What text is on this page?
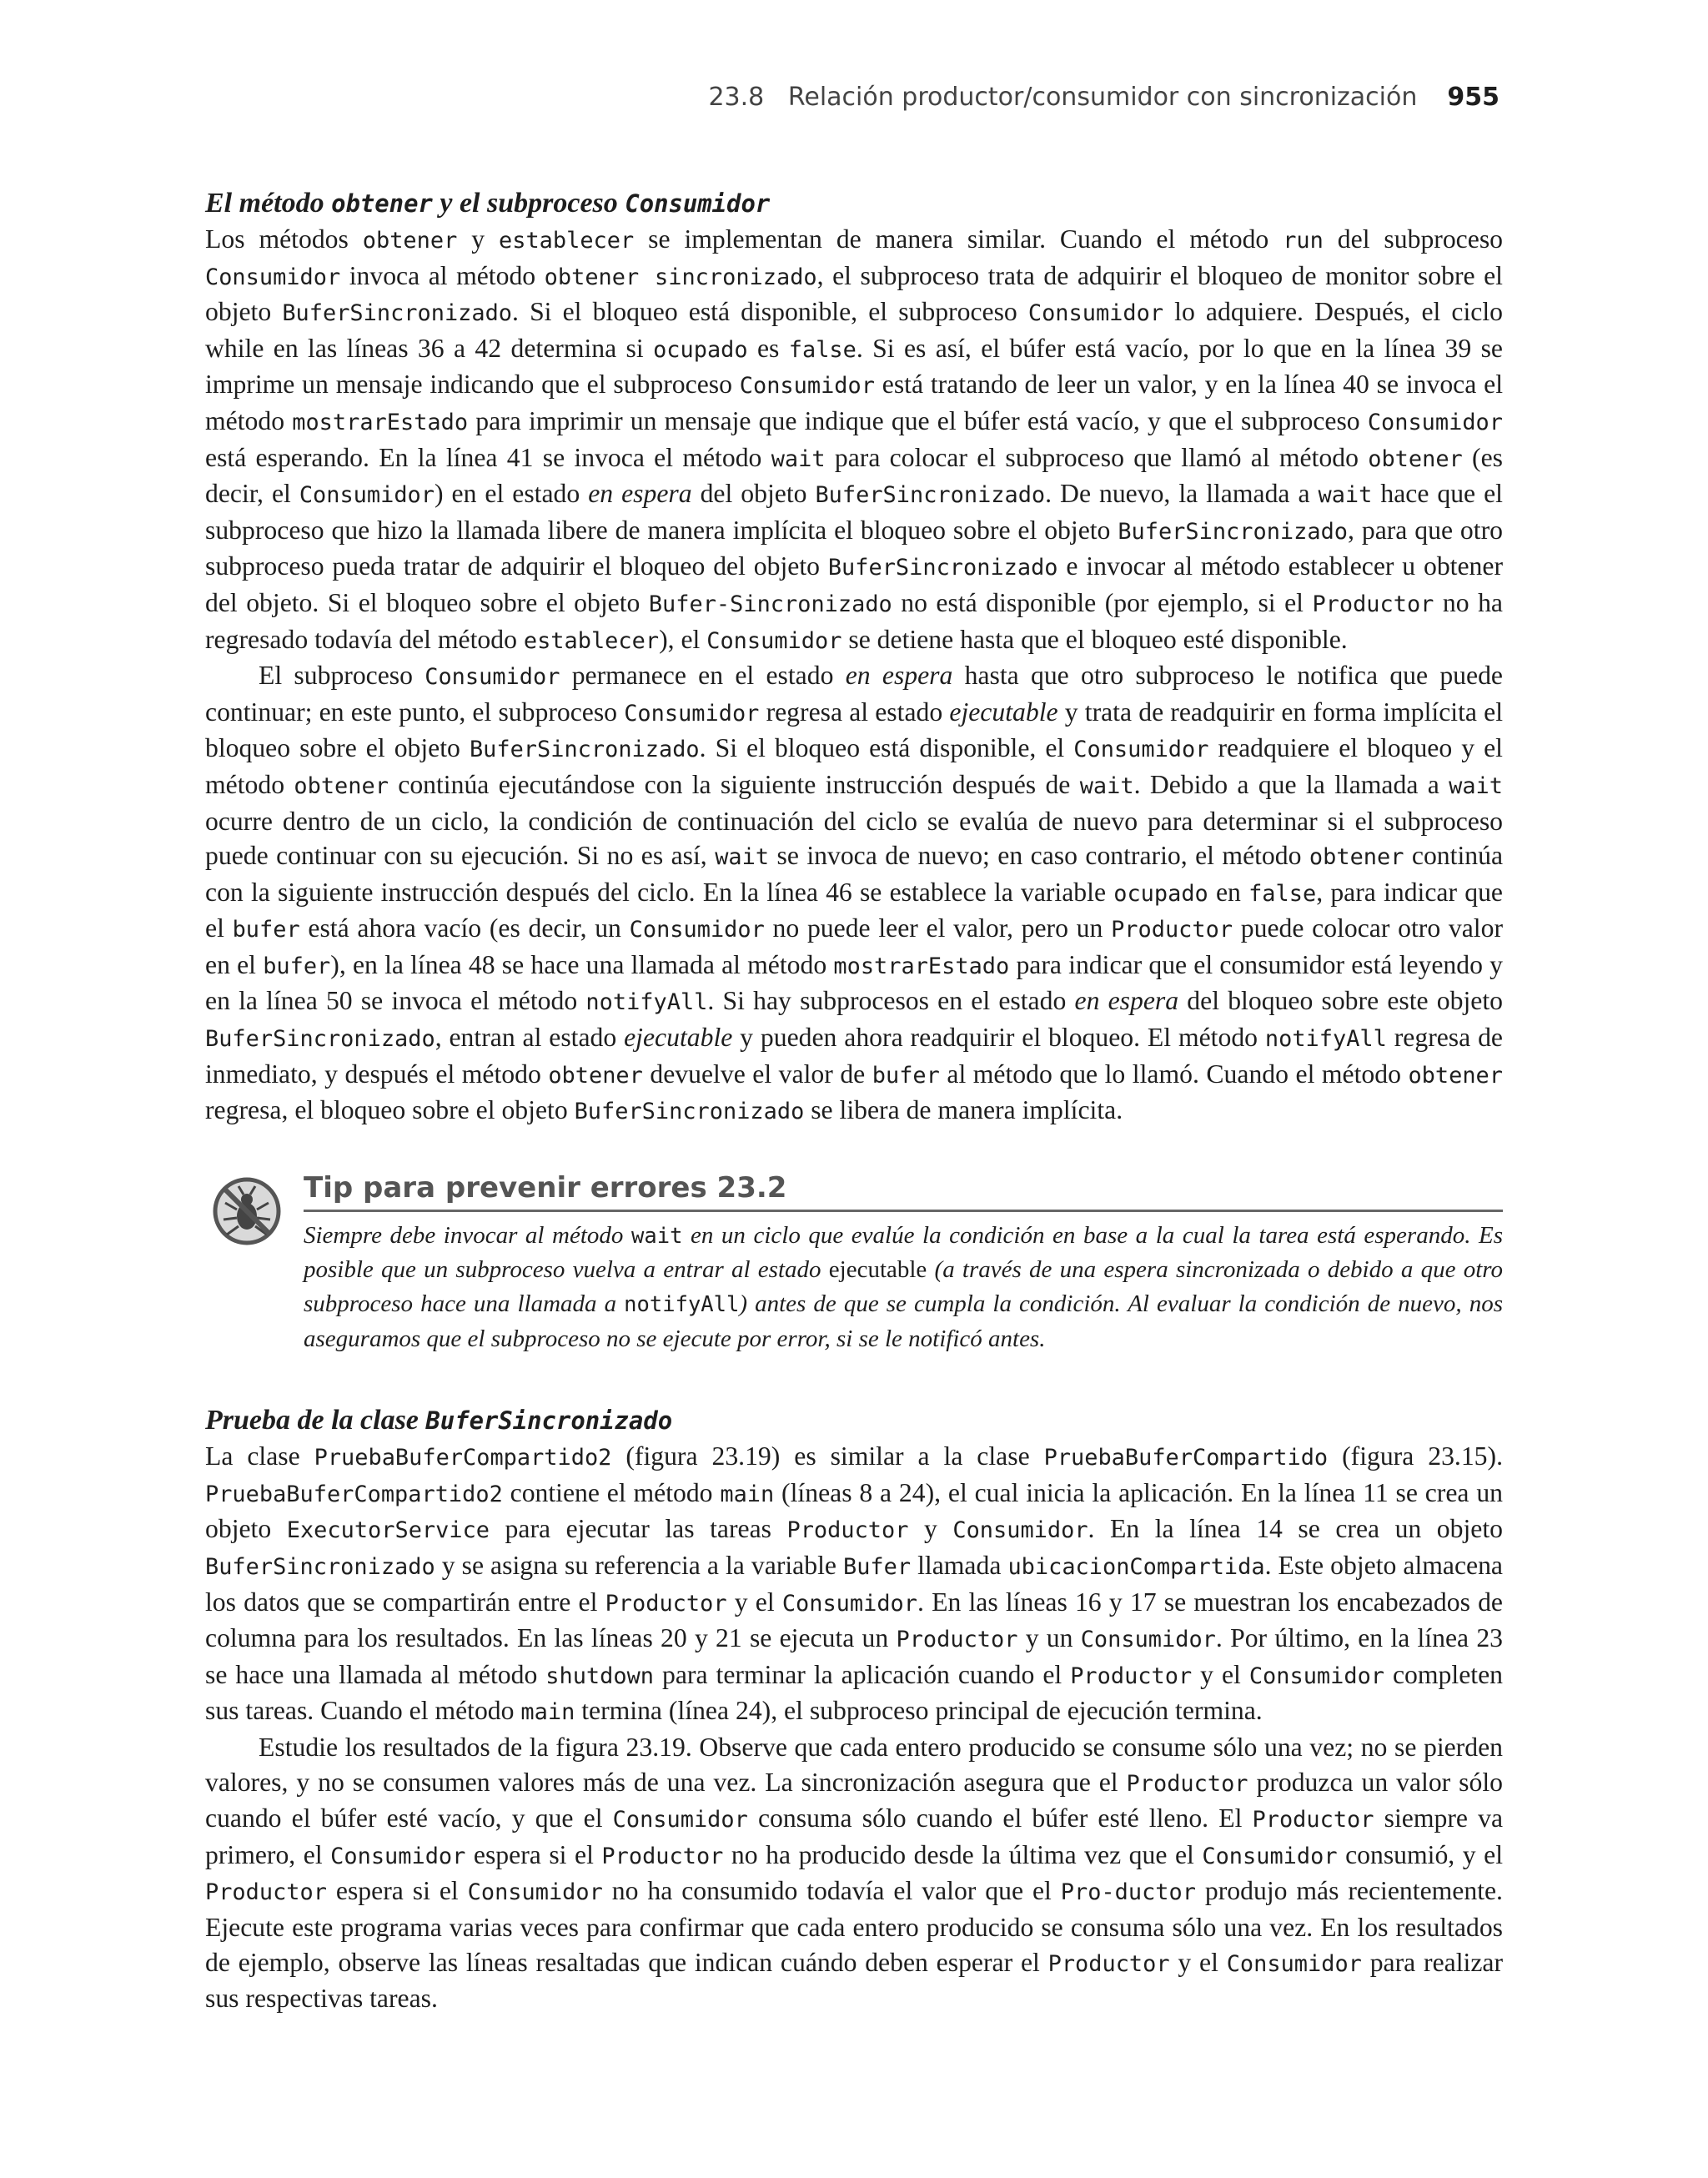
23.8 Relación productor/consumidor con sincronización 955
El método obtener y el subproceso Consumidor

Los métodos obtener y establecer se implementan de manera similar. Cuando el método run del subproceso Consumidor invoca al método obtener sincronizado, el subproceso trata de adquirir el bloqueo de monitor sobre el objeto BuferSincronizado. Si el bloqueo está disponible, el subproceso Consumidor lo adquiere. Después, el ciclo while en las líneas 36 a 42 determina si ocupado es false. Si es así, el búfer está vacío, por lo que en la línea 39 se imprime un mensaje indicando que el subproceso Consumidor está tratando de leer un valor, y en la línea 40 se invoca el método mostrarEstado para imprimir un mensaje que indique que el búfer está vacío, y que el subproceso Consumidor está esperando. En la línea 41 se invoca el método wait para colocar el subproceso que llamó al método obtener (es decir, el Consumidor) en el estado en espera del objeto BuferSincronizado. De nuevo, la llamada a wait hace que el subproceso que hizo la llamada libere de manera implícita el bloqueo sobre el objeto BuferSincronizado, para que otro subproceso pueda tratar de adquirir el bloqueo del objeto BuferSincronizado e invocar al método establecer u obtener del objeto. Si el bloqueo sobre el objeto Bufer-Sincronizado no está disponible (por ejemplo, si el Productor no ha regresado todavía del método establecer), el Consumidor se detiene hasta que el bloqueo esté disponible.

El subproceso Consumidor permanece en el estado en espera hasta que otro subproceso le notifica que puede continuar; en este punto, el subproceso Consumidor regresa al estado ejecutable y trata de readquirir en forma implícita el bloqueo sobre el objeto BuferSincronizado. Si el bloqueo está disponible, el Consumidor readquiere el bloqueo y el método obtener continúa ejecutándose con la siguiente instrucción después de wait. Debido a que la llamada a wait ocurre dentro de un ciclo, la condición de continuación del ciclo se evalúa de nuevo para determinar si el subproceso puede continuar con su ejecución. Si no es así, wait se invoca de nuevo; en caso contrario, el método obtener continúa con la siguiente instrucción después del ciclo. En la línea 46 se establece la variable ocupado en false, para indicar que el bufer está ahora vacío (es decir, un Consumidor no puede leer el valor, pero un Productor puede colocar otro valor en el bufer), en la línea 48 se hace una llamada al método mostrarEstado para indicar que el consumidor está leyendo y en la línea 50 se invoca el método notifyAll. Si hay subprocesos en el estado en espera del bloqueo sobre este objeto BuferSincronizado, entran al estado ejecutable y pueden ahora readquirir el bloqueo. El método notifyAll regresa de inmediato, y después el método obtener devuelve el valor de bufer al método que lo llamó. Cuando el método obtener regresa, el bloqueo sobre el objeto BuferSincronizado se libera de manera implícita.

Tip para prevenir errores 23.2
Siempre debe invocar al método wait en un ciclo que evalúe la condición en base a la cual la tarea está esperando. Es posible que un subproceso vuelva a entrar al estado ejecutable (a través de una espera sincronizada o debido a que otro subproceso hace una llamada a notifyAll) antes de que se cumpla la condición. Al evaluar la condición de nuevo, nos aseguramos que el subproceso no se ejecute por error, si se le notificó antes.
Prueba de la clase BuferSincronizado

La clase PruebaBuferCompartido2 (figura 23.19) es similar a la clase PruebaBuferCompartido (figura 23.15). PruebaBuferCompartido2 contiene el método main (líneas 8 a 24), el cual inicia la aplicación. En la línea 11 se crea un objeto ExecutorService para ejecutar las tareas Productor y Consumidor. En la línea 14 se crea un objeto BuferSincronizado y se asigna su referencia a la variable Bufer llamada ubicacionCompartida. Este objeto almacena los datos que se compartirán entre el Productor y el Consumidor. En las líneas 16 y 17 se muestran los encabezados de columna para los resultados. En las líneas 20 y 21 se ejecuta un Productor y un Consumidor. Por último, en la línea 23 se hace una llamada al método shutdown para terminar la aplicación cuando el Productor y el Consumidor completen sus tareas. Cuando el método main termina (línea 24), el subproceso principal de ejecución termina.

Estudie los resultados de la figura 23.19. Observe que cada entero producido se consume sólo una vez; no se pierden valores, y no se consumen valores más de una vez. La sincronización asegura que el Productor produzca un valor sólo cuando el búfer esté vacío, y que el Consumidor consuma sólo cuando el búfer esté lleno. El Productor siempre va primero, el Consumidor espera si el Productor no ha producido desde la última vez que el Consumidor consumió, y el Productor espera si el Consumidor no ha consumido todavía el valor que el Pro-ductor produjo más recientemente. Ejecute este programa varias veces para confirmar que cada entero producido se consuma sólo una vez. En los resultados de ejemplo, observe las líneas resaltadas que indican cuándo deben esperar el Productor y el Consumidor para realizar sus respectivas tareas.
